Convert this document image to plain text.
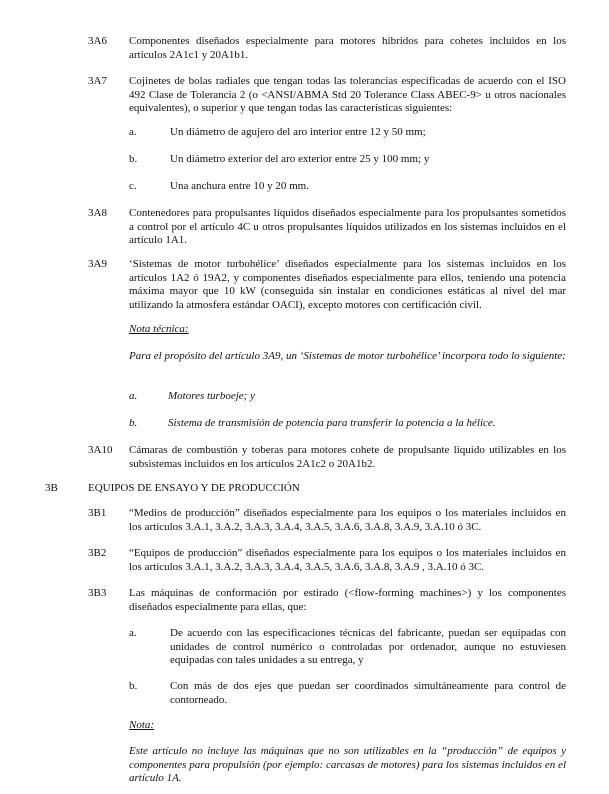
3A6 Componentes diseñados especialmente para motores híbridos para cohetes incluidos en los artículos 2A1c1 y 20A1b1.
3A7 Cojinetes de bolas radiales que tengan todas las tolerancias especificadas de acuerdo con el ISO 492 Clase de Tolerancia 2 (o <ANSI/ABMA Std 20 Tolerance Class ABEC-9> u otros nacionales equivalentes), o superior y que tengan todas las características siguientes:
a.	Un diámetro de agujero del aro interior entre 12 y 50 mm;
b.	Un diámetro exterior del aro exterior entre 25 y 100 mm; y
c.	Una anchura entre 10 y 20 mm.
3A8 Contenedores para propulsantes líquidos diseñados especialmente para los propulsantes sometidos a control por el artículo 4C u otros propulsantes líquidos utilizados en los sistemas incluidos en el artículo 1A1.
3A9 ‘Sistemas de motor turbohélice’ diseñados especialmente para los sistemas incluidos en los artículos 1A2 ó 19A2, y componentes diseñados especialmente para ellos, teniendo una potencia máxima mayor que 10 kW (conseguida sin instalar en condiciones estáticas al nivel del mar utilizando la atmosfera estándar OACI), excepto motores con certificación civil.
Nota técnica:
Para el propósito del artículo 3A9, un ‘Sistemas de motor turbohélice’ incorpora todo lo siguiente:
a.	Motores turboeje; y
b.	Sistema de transmisión de potencia para transferir la potencia a la hélice.
3A10 Cámaras de combustión y toberas para motores cohete de propulsante liquido utilizables en los subsistemas incluidos en los artículos 2A1c2 o 20A1b2.
3B	EQUIPOS DE ENSAYO Y DE PRODUCCIÓN
3B1 “Medios de producción” diseñados especialmente para los equipos o los materiales incluidos en los artículos 3.A.1, 3.A.2, 3.A.3, 3.A.4, 3.A.5, 3.A.6, 3.A.8, 3.A.9, 3.A.10 ó 3C.
3B2 “Equipos de producción” diseñados especialmente para los equipos o los materiales incluidos en los artículos 3.A.1, 3.A.2, 3.A.3, 3.A.4, 3.A.5, 3.A.6, 3.A.8, 3.A.9 , 3.A.10 ó 3C.
3B3 Las máquinas de conformación por estirado (<flow-forming machines>) y los componentes diseñados especialmente para ellas, que:
a.	De acuerdo con las especificaciones técnicas del fabricante, puedan ser equipadas con unidades de control numérico o controladas por ordenador, aunque no estuviesen equipadas con tales unidades a su entrega, y
b.	Con más de dos ejes que puedan ser coordinados simultáneamente para control de contorneado.
Nota:
Este artículo no incluye las máquinas que no son utilizables en la “producción” de equipos y componentes para propulsión (por ejemplo: carcasas de motores) para los sistemas incluidos en el artículo 1A.
